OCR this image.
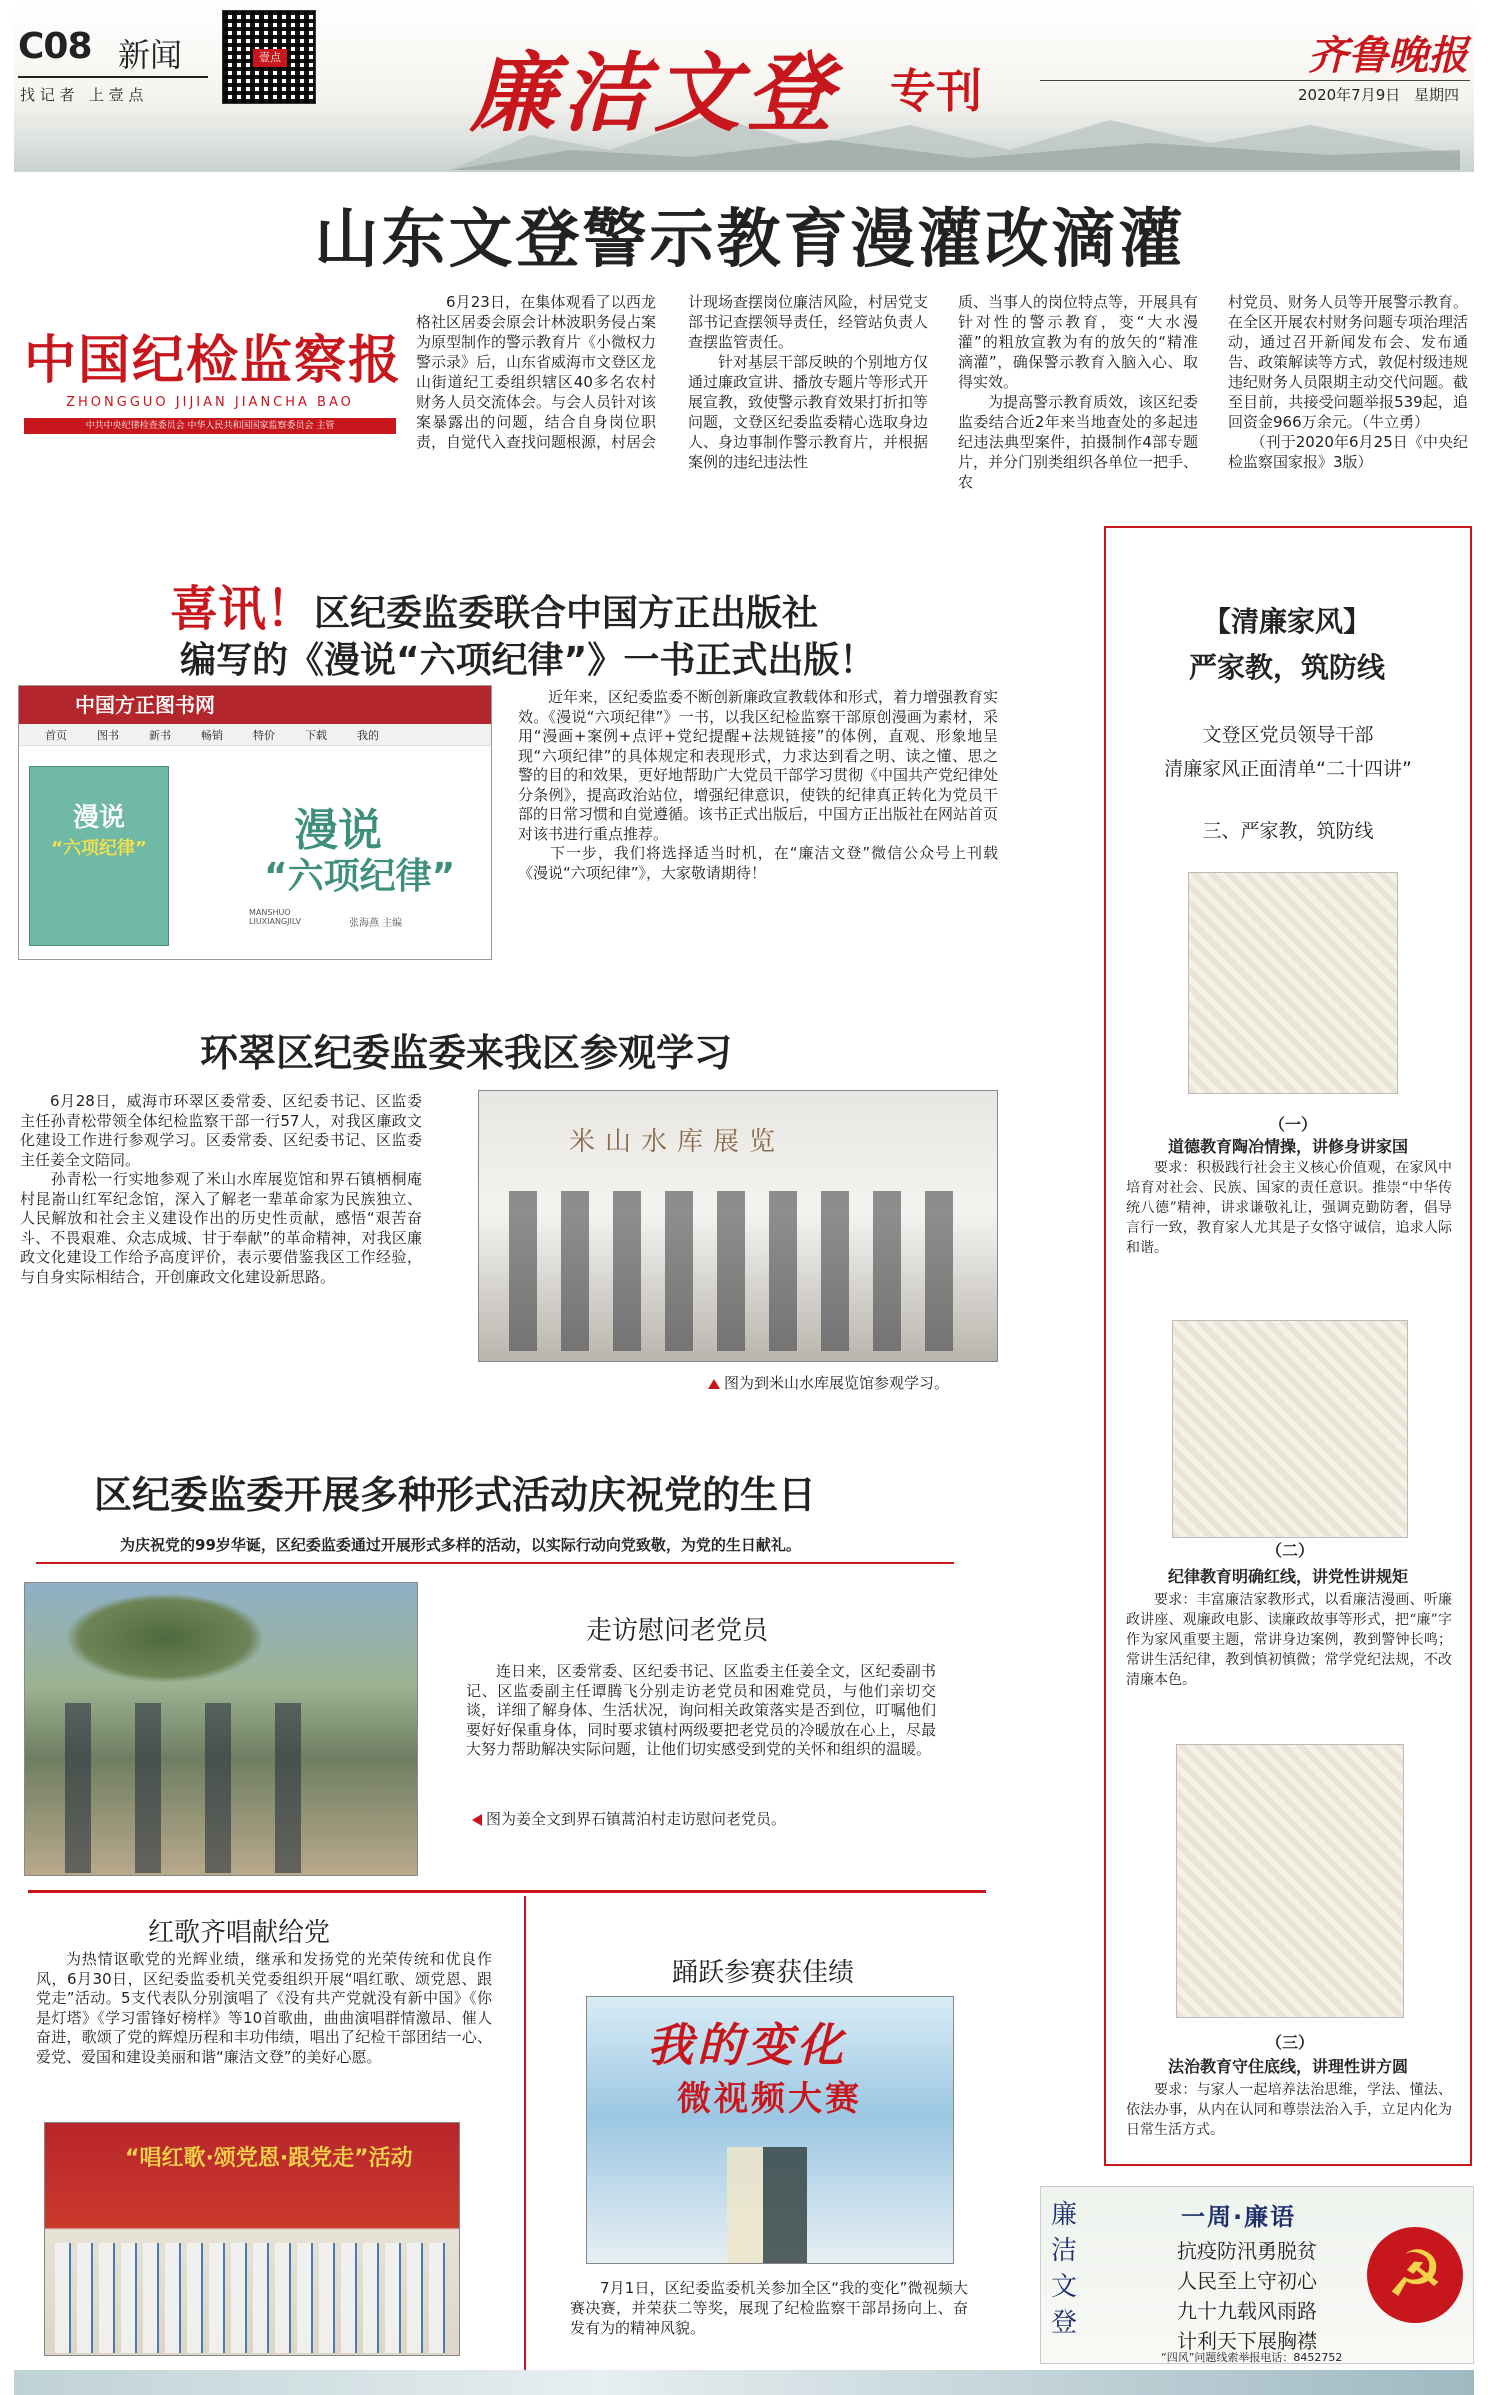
C08 新闻
找 记 者   上 壹 点
壹点 廉洁文登 专刊
齐鲁晚报
2020年7月9日 星期四
山东文登警示教育漫灌改滴灌
中国纪检监察报
ZHONGGUO JIJIAN JIANCHA BAO
中共中央纪律检查委员会 中华人民共和国国家监察委员会 主管
6月23日，在集体观看了以西龙格社区居委会原会计林波职务侵占案为原型制作的警示教育片《小微权力警示录》后，山东省威海市文登区龙山街道纪工委组织辖区40多名农村财务人员交流体会。与会人员针对该案暴露出的问题，结合自身岗位职责，自觉代入查找问题根源，村居会
计现场查摆岗位廉洁风险，村居党支部书记查摆领导责任，经管站负责人查摆监管责任。
　　针对基层干部反映的个别地方仅通过廉政宣讲、播放专题片等形式开展宣教，致使警示教育效果打折扣等问题，文登区纪委监委精心选取身边人、身边事制作警示教育片，并根据案例的违纪违法性
质、当事人的岗位特点等，开展具有针对性的警示教育，变“大水漫灌”的粗放宣教为有的放矢的“精准滴灌”，确保警示教育入脑入心、取得实效。
　　为提高警示教育质效，该区纪委监委结合近2年来当地查处的多起违纪违法典型案件，拍摄制作4部专题片，并分门别类组织各单位一把手、农
村党员、财务人员等开展警示教育。在全区开展农村财务问题专项治理活动，通过召开新闻发布会、发布通告、政策解读等方式，敦促村级违规违纪财务人员限期主动交代问题。截至目前，共接受问题举报539起，追回资金966万余元。（牛立勇）
　　（刊于2020年6月25日《中央纪检监察国家报》3版）
喜讯！区纪委监委联合中国方正出版社
编写的《漫说“六项纪律”》一书正式出版！
中国方正图书网
首页	图书	新书	畅销	特价	下载	我的
漫说
“六项纪律”	漫说
“六项纪律”
MANSHUO LIUXIANGJILV	张海燕 主编
近年来，区纪委监委不断创新廉政宣教载体和形式，着力增强教育实效。《漫说“六项纪律”》一书，以我区纪检监察干部原创漫画为素材，采用“漫画+案例+点评+党纪提醒+法规链接”的体例，直观、形象地呈现“六项纪律”的具体规定和表现形式，力求达到看之明、读之懂、思之警的目的和效果，更好地帮助广大党员干部学习贯彻《中国共产党纪律处分条例》，提高政治站位，增强纪律意识，使铁的纪律真正转化为党员干部的日常习惯和自觉遵循。该书正式出版后，中国方正出版社在网站首页对该书进行重点推荐。
　　下一步，我们将选择适当时机，在“廉洁文登”微信公众号上刊载《漫说“六项纪律”》，大家敬请期待！
环翠区纪委监委来我区参观学习
6月28日，威海市环翠区委常委、区纪委书记、区监委主任孙青松带领全体纪检监察干部一行57人，对我区廉政文化建设工作进行参观学习。区委常委、区纪委书记、区监委主任姜全文陪同。
　　孙青松一行实地参观了米山水库展览馆和界石镇栖桐庵村昆嵛山红军纪念馆，深入了解老一辈革命家为民族独立、人民解放和社会主义建设作出的历史性贡献，感悟“艰苦奋斗、不畏艰难、众志成城、甘于奉献”的革命精神，对我区廉政文化建设工作给予高度评价，表示要借鉴我区工作经验，与自身实际相结合，开创廉政文化建设新思路。
米山水库展览
图为到米山水库展览馆参观学习。
区纪委监委开展多种形式活动庆祝党的生日
为庆祝党的99岁华诞，区纪委监委通过开展形式多样的活动，以实际行动向党致敬，为党的生日献礼。
走访慰问老党员
连日来，区委常委、区纪委书记、区监委主任姜全文，区纪委副书记、区监委副主任谭腾飞分别走访老党员和困难党员，与他们亲切交谈，详细了解身体、生活状况，询问相关政策落实是否到位，叮嘱他们要好好保重身体，同时要求镇村两级要把老党员的冷暖放在心上，尽最大努力帮助解决实际问题，让他们切实感受到党的关怀和组织的温暖。
图为姜全文到界石镇蒿泊村走访慰问老党员。
红歌齐唱献给党
为热情讴歌党的光辉业绩，继承和发扬党的光荣传统和优良作风，6月30日，区纪委监委机关党委组织开展“唱红歌、颂党恩、跟党走”活动。5支代表队分别演唱了《没有共产党就没有新中国》《你是灯塔》《学习雷锋好榜样》等10首歌曲，曲曲演唱群情激昂、催人奋进，歌颂了党的辉煌历程和丰功伟绩，唱出了纪检干部团结一心、爱党、爱国和建设美丽和谐“廉洁文登”的美好心愿。
“唱红歌·颂党恩·跟党走”活动
踊跃参赛获佳绩
我的变化
微视频大赛
7月1日，区纪委监委机关参加全区“我的变化”微视频大赛决赛，并荣获二等奖，展现了纪检监察干部昂扬向上、奋发有为的精神风貌。
【清廉家风】
严家教，筑防线
文登区党员领导干部
清廉家风正面清单“二十四讲”
三、严家教，筑防线
（一）
道德教育陶冶情操，讲修身讲家国
要求：积极践行社会主义核心价值观，在家风中培育对社会、民族、国家的责任意识。推崇“中华传统八德”精神，讲求谦敬礼让，强调克勤防奢，倡导言行一致，教育家人尤其是子女恪守诚信，追求人际和谐。
（二）
纪律教育明确红线，讲党性讲规矩
要求：丰富廉洁家教形式，以看廉洁漫画、听廉政讲座、观廉政电影、读廉政故事等形式，把“廉”字作为家风重要主题，常讲身边案例，教到警钟长鸣；常讲生活纪律，教到慎初慎微；常学党纪法规，不改清廉本色。
（三）
法治教育守住底线，讲理性讲方圆
要求：与家人一起培养法治思维，学法、懂法、依法办事，从内在认同和尊崇法治入手，立足内化为日常生活方式。
廉洁文登
一周·廉语
抗疫防汛勇脱贫
人民至上守初心
九十九载风雨路
计利天下展胸襟
☭
“四风”问题线索举报电话：8452752
